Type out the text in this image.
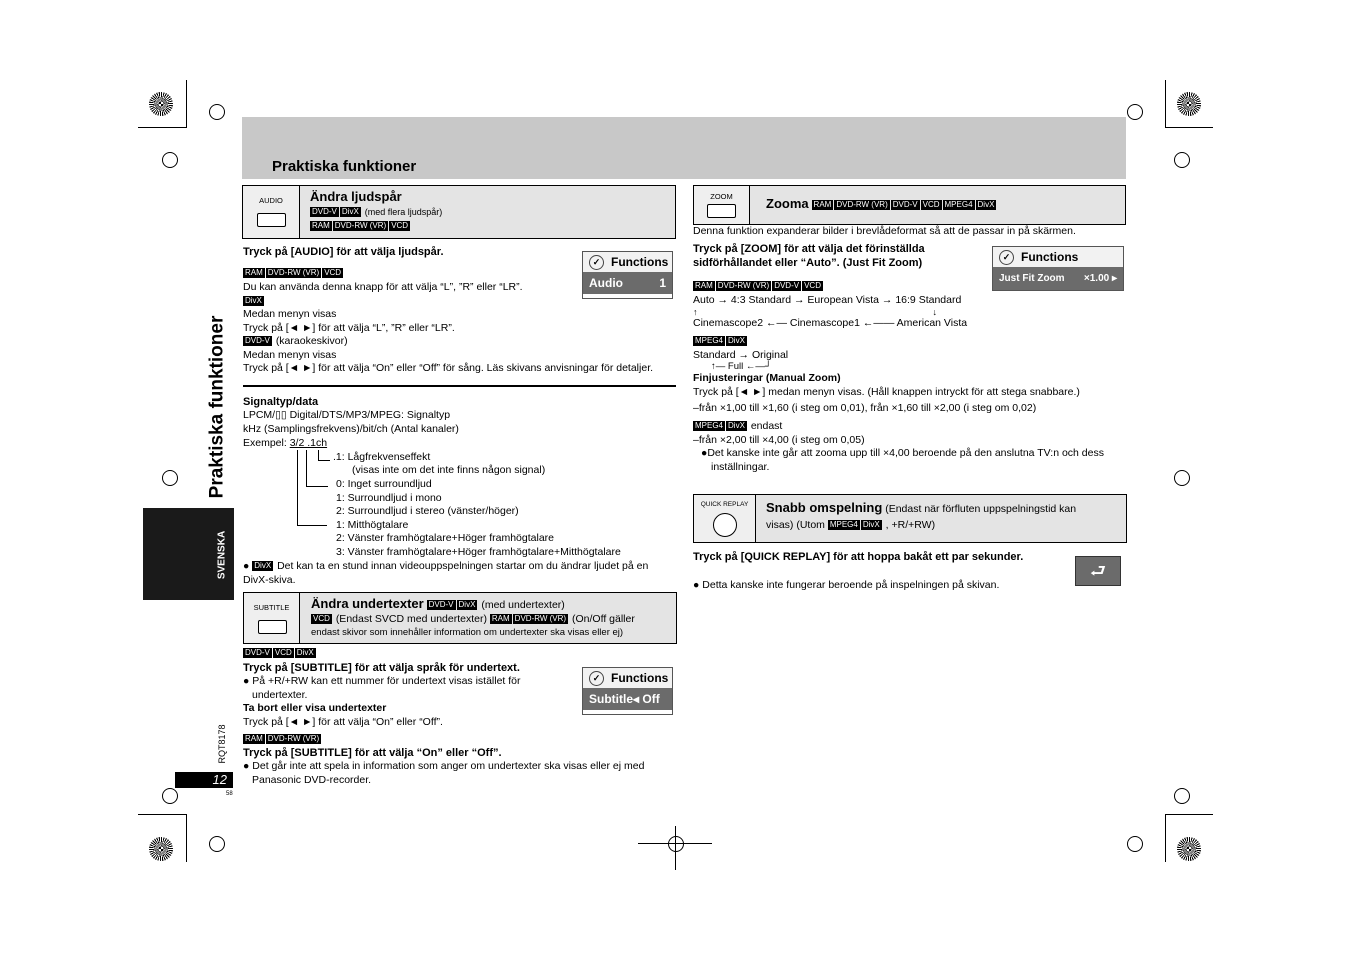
Praktiska funktioner
Praktiska funktioner
SVENSKA
RQT8178
12
58
AUDIO	Ändra ljudspår
DVD-V DivX (med flera ljudspår)
RAM DVD-RW (VR) VCD
Tryck på [AUDIO] för att välja ljudspår.
✓ Functions
Audio	1
RAM DVD-RW (VR) VCD
Du kan använda denna knapp för att välja “L”, ”R” eller “LR”.
DivX
Medan menyn visas
Tryck på [◄ ►] för att välja “L”, ”R” eller “LR”.
DVD-V (karaokeskivor)
Medan menyn visas
Tryck på [◄ ►] för att välja “On” eller “Off” för sång. Läs skivans anvisningar för detaljer.
Signaltyp/data
LPCM/▯▯ Digital/DTS/MP3/MPEG: Signaltyp
kHz (Samplingsfrekvens)/bit/ch (Antal kanaler)
Exempel: 3/2 .1ch
.1: Lågfrekvenseffekt
(visas inte om det inte finns någon signal)
0: Inget surroundljud
1: Surroundljud i mono
2: Surroundljud i stereo (vänster/höger)
1: Mitthögtalare
2: Vänster framhögtalare+Höger framhögtalare
3: Vänster framhögtalare+Höger framhögtalare+Mitthögtalare
● DivX Det kan ta en stund innan videouppspelningen startar om du ändrar ljudet på en DivX-skiva.
SUBTITLE	Ändra undertexter DVD-V DivX (med undertexter)
VCD (Endast SVCD med undertexter) RAM DVD-RW (VR) (On/Off gäller
endast skivor som innehåller information om undertexter ska visas eller ej)
✓ Functions
Subtitle ◂ Off ▸
DVD-V VCD DivX
Tryck på [SUBTITLE] för att välja språk för undertext.
● På +R/+RW kan ett nummer för undertext visas istället för undertexter.
Ta bort eller visa undertexter
Tryck på [◄ ►] för att välja “On” eller “Off”.
RAM DVD-RW (VR)
Tryck på [SUBTITLE] för att välja “On” eller “Off”.
● Det går inte att spela in information som anger om undertexter ska visas eller ej med Panasonic DVD-recorder.
ZOOM	Zooma RAM DVD-RW (VR) DVD-V VCD MPEG4 DivX
Denna funktion expanderar bilder i brevlådeformat så att de passar in på skärmen.
Tryck på [ZOOM] för att välja det förinställda sidförhållandet eller “Auto”. (Just Fit Zoom)
✓ Functions
Just Fit Zoom ×1.00 ▸
RAM DVD-RW (VR) DVD-V VCD
Auto → 4:3 Standard → European Vista → 16:9 Standard
↑                                                                                              ↓
Cinemascope2 ←— Cinemascope1 ←—— American Vista
MPEG4 DivX
Standard → Original
↑— Full ←—┘
Finjusteringar (Manual Zoom)
Tryck på [◄ ►] medan menyn visas. (Håll knappen intryckt för att stega snabbare.)
–från ×1,00 till ×1,60 (i steg om 0,01), från ×1,60 till ×2,00 (i steg om 0,02)
MPEG4 DivX endast
–från ×2,00 till ×4,00 (i steg om 0,05)
●Det kanske inte går att zooma upp till ×4,00 beroende på den anslutna TV:n och dess inställningar.
QUICK REPLAY	Snabb omspelning (Endast när förfluten uppspelningstid kan
visas) (Utom MPEG4 DivX , +R/+RW)
Tryck på [QUICK REPLAY] för att hoppa bakåt ett par sekunder.
● Detta kanske inte fungerar beroende på inspelningen på skivan.
⮐
